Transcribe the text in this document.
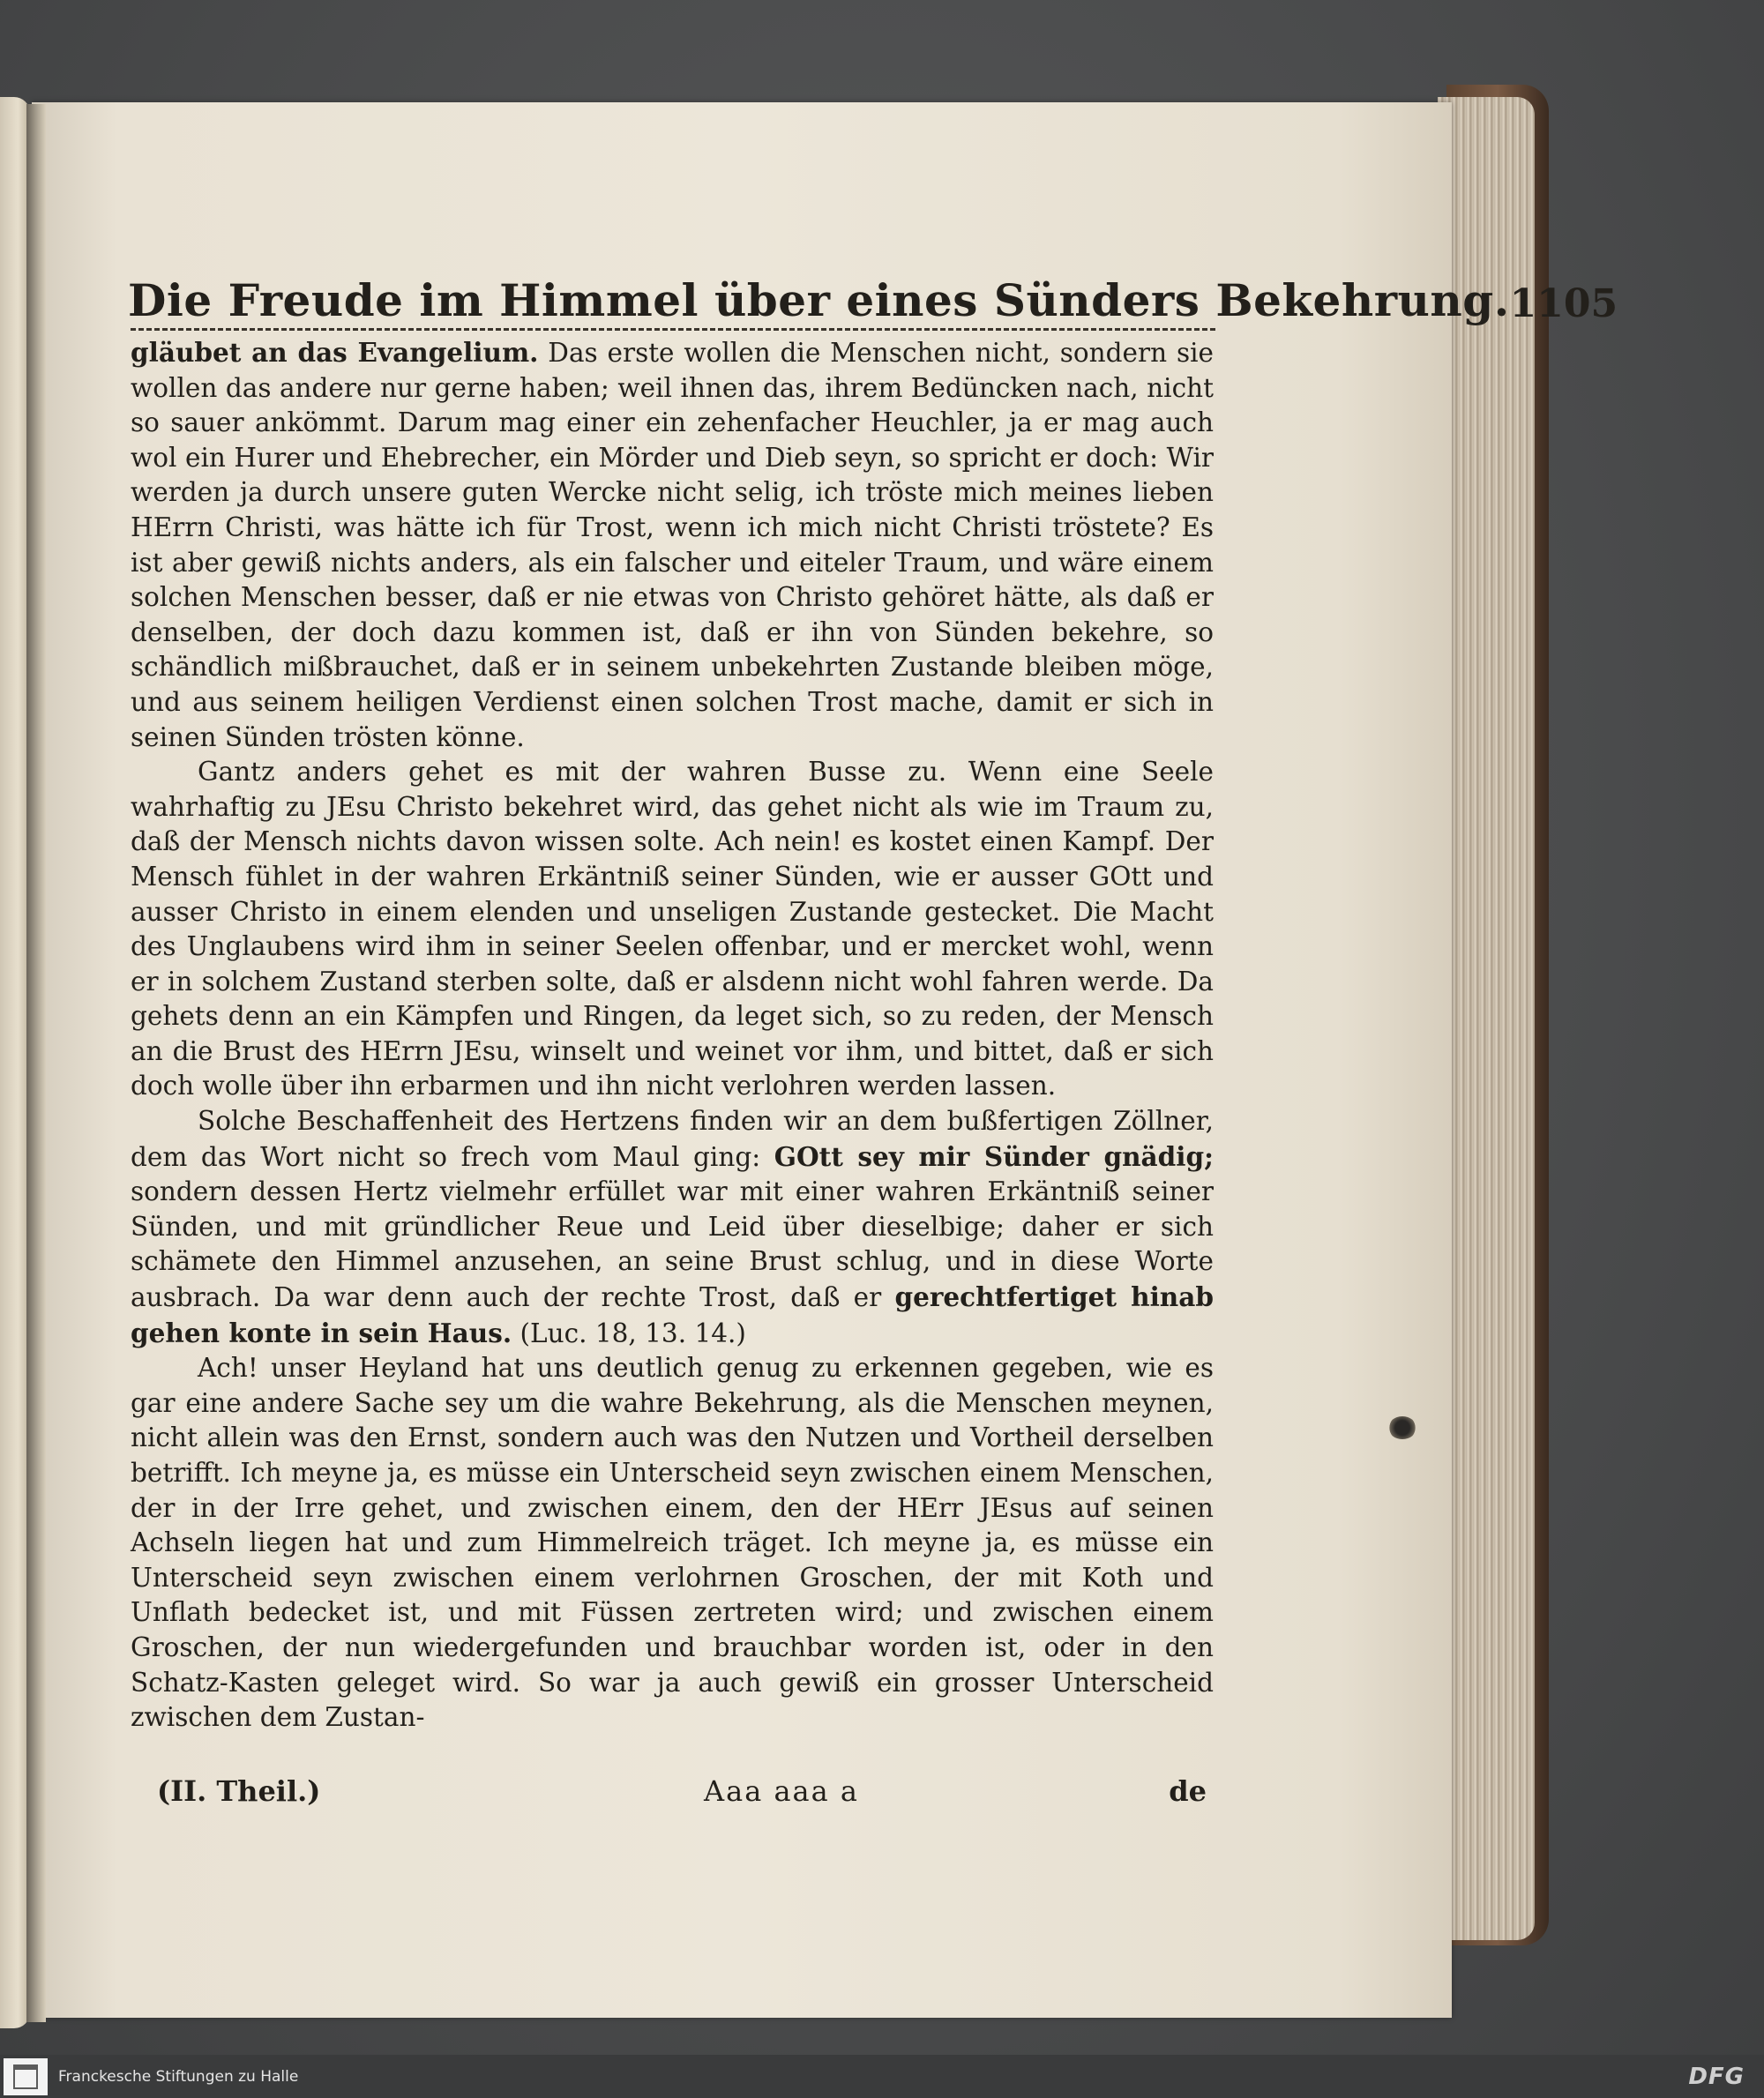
Die Freude im Himmel über eines Sünders Bekehrung. 1105

gläubet an das Evangelium. Das erste wollen die Menschen nicht, sondern sie wollen das andere nur gerne haben; weil ihnen das, ihrem Bedüncken nach, nicht so sauer ankömmt. Darum mag einer ein zehenfacher Heuchler, ja er mag auch wol ein Hurer und Ehebrecher, ein Mörder und Dieb seyn, so spricht er doch: Wir werden ja durch unsere guten Wercke nicht selig, ich tröste mich meines lieben HErrn Christi, was hätte ich für Trost, wenn ich mich nicht Christi tröstete? Es ist aber gewiß nichts anders, als ein falscher und eiteler Traum, und wäre einem solchen Menschen besser, daß er nie etwas von Christo gehöret hätte, als daß er denselben, der doch dazu kommen ist, daß er ihn von Sünden bekehre, so schändlich mißbrauchet, daß er in seinem unbekehrten Zustande bleiben möge, und aus seinem heiligen Verdienst einen solchen Trost mache, damit er sich in seinen Sünden trösten könne.

Gantz anders gehet es mit der wahren Busse zu. Wenn eine Seele wahrhaftig zu JEsu Christo bekehret wird, das gehet nicht als wie im Traum zu, daß der Mensch nichts davon wissen solte. Ach nein! es kostet einen Kampf. Der Mensch fühlet in der wahren Erkäntniß seiner Sünden, wie er ausser GOtt und ausser Christo in einem elenden und unseligen Zustande gestecket. Die Macht des Unglaubens wird ihm in seiner Seelen offenbar, und er mercket wohl, wenn er in solchem Zustand sterben solte, daß er alsdenn nicht wohl fahren werde. Da gehets denn an ein Kämpfen und Ringen, da leget sich, so zu reden, der Mensch an die Brust des HErrn JEsu, winselt und weinet vor ihm, und bittet, daß er sich doch wolle über ihn erbarmen und ihn nicht verlohren werden lassen.

Solche Beschaffenheit des Hertzens finden wir an dem bußfertigen Zöllner, dem das Wort nicht so frech vom Maul ging: GOtt sey mir Sünder gnädig; sondern dessen Hertz vielmehr erfüllet war mit einer wahren Erkäntniß seiner Sünden, und mit gründlicher Reue und Leid über dieselbige; daher er sich schämete den Himmel anzusehen, an seine Brust schlug, und in diese Worte ausbrach. Da war denn auch der rechte Trost, daß er gerechtfertiget hinab gehen konte in sein Haus. (Luc. 18, 13. 14.)

Ach! unser Heyland hat uns deutlich genug zu erkennen gegeben, wie es gar eine andere Sache sey um die wahre Bekehrung, als die Menschen meynen, nicht allein was den Ernst, sondern auch was den Nutzen und Vortheil derselben betrifft. Ich meyne ja, es müsse ein Unterscheid seyn zwischen einem Menschen, der in der Irre gehet, und zwischen einem, den der HErr JEsus auf seinen Achseln liegen hat und zum Himmelreich träget. Ich meyne ja, es müsse ein Unterscheid seyn zwischen einem verlohrnen Groschen, der mit Koth und Unflath bedecket ist, und mit Füssen zertreten wird; und zwischen einem Groschen, der nun wiedergefunden und brauchbar worden ist, oder in den Schatz-Kasten geleget wird. So war ja auch gewiß ein grosser Unterscheid zwischen dem Zustan-

(II. Theil.)	Aaa aaa a	de
Franckesche Stiftungen zu Halle	DFG
